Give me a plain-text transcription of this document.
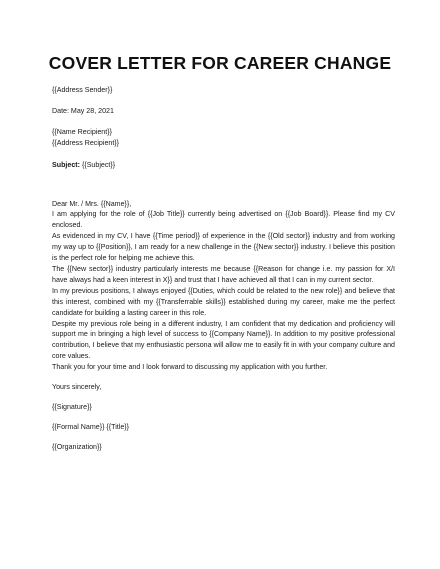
COVER LETTER FOR CAREER CHANGE
{{Address Sender}}
Date: May 28, 2021
{{Name Recipient}}
{{Address Recipient}}
Subject: {{Subject}}
Dear Mr. / Mrs. {{Name}},

I am applying for the role of {{Job Title}} currently being advertised on {{Job Board}}. Please find my CV enclosed.

As evidenced in my CV, I have {{Time period}} of experience in the {{Old sector}} industry and from working my way up to {{Position}}, I am ready for a new challenge in the {{New sector}} industry. I believe this position is the perfect role for helping me achieve this.

The {{New sector}} industry particularly interests me because {{Reason for change i.e. my passion for X/I have always had a keen interest in X}} and trust that I have achieved all that I can in my current sector.

In my previous positions, I always enjoyed {{Duties, which could be related to the new role}} and believe that this interest, combined with my {{Transferrable skills}} established during my career, make me the perfect candidate for building a lasting career in this role.

Despite my previous role being in a different industry, I am confident that my dedication and proficiency will support me in bringing a high level of success to {{Company Name}}. In addition to my positive professional contribution, I believe that my enthusiastic persona will allow me to easily fit in with your company culture and core values.

Thank you for your time and I look forward to discussing my application with you further.

Yours sincerely,
{{Signature}}
{{Formal Name}} {{Title}}
{{Organization}}
